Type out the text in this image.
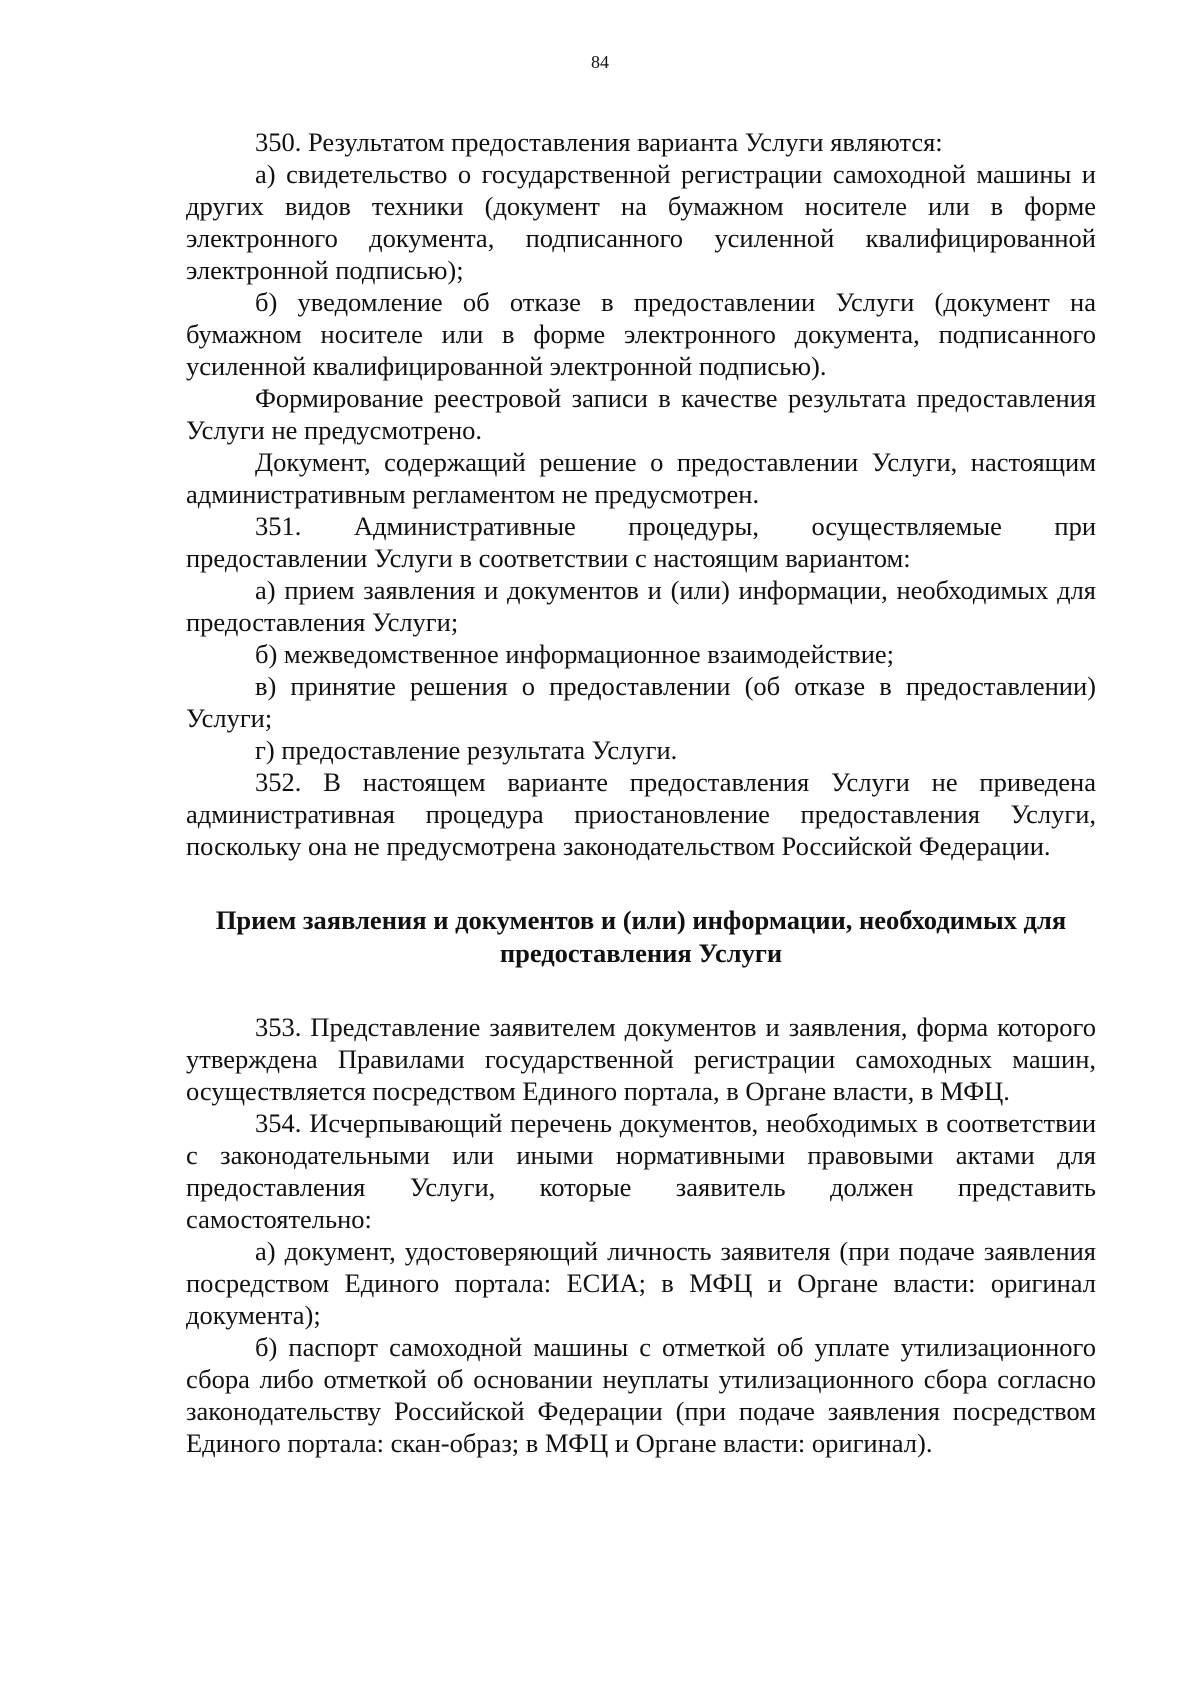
84

350. Результатом предоставления варианта Услуги являются:

а) свидетельство о государственной регистрации самоходной машины и других видов техники (документ на бумажном носителе или в форме электронного документа, подписанного усиленной квалифицированной электронной подписью);

б) уведомление об отказе в предоставлении Услуги (документ на бумажном носителе или в форме электронного документа, подписанного усиленной квалифицированной электронной подписью).

Формирование реестровой записи в качестве результата предоставления Услуги не предусмотрено.

Документ, содержащий решение о предоставлении Услуги, настоящим административным регламентом не предусмотрен.

351. Административные процедуры, осуществляемые при предоставлении Услуги в соответствии с настоящим вариантом:

а) прием заявления и документов и (или) информации, необходимых для предоставления Услуги;

б) межведомственное информационное взаимодействие;

в) принятие решения о предоставлении (об отказе в предоставлении) Услуги;

г) предоставление результата Услуги.

352. В настоящем варианте предоставления Услуги не приведена административная процедура приостановление предоставления Услуги, поскольку она не предусмотрена законодательством Российской Федерации.

Прием заявления и документов и (или) информации, необходимых для предоставления Услуги

353. Представление заявителем документов и заявления, форма которого утверждена Правилами государственной регистрации самоходных машин, осуществляется посредством Единого портала, в Органе власти, в МФЦ.

354. Исчерпывающий перечень документов, необходимых в соответствии с законодательными или иными нормативными правовыми актами для предоставления Услуги, которые заявитель должен представить самостоятельно:

а) документ, удостоверяющий личность заявителя (при подаче заявления посредством Единого портала: ЕСИА; в МФЦ и Органе власти: оригинал документа);

б) паспорт самоходной машины с отметкой об уплате утилизационного сбора либо отметкой об основании неуплаты утилизационного сбора согласно законодательству Российской Федерации (при подаче заявления посредством Единого портала: скан-образ; в МФЦ и Органе власти: оригинал).
